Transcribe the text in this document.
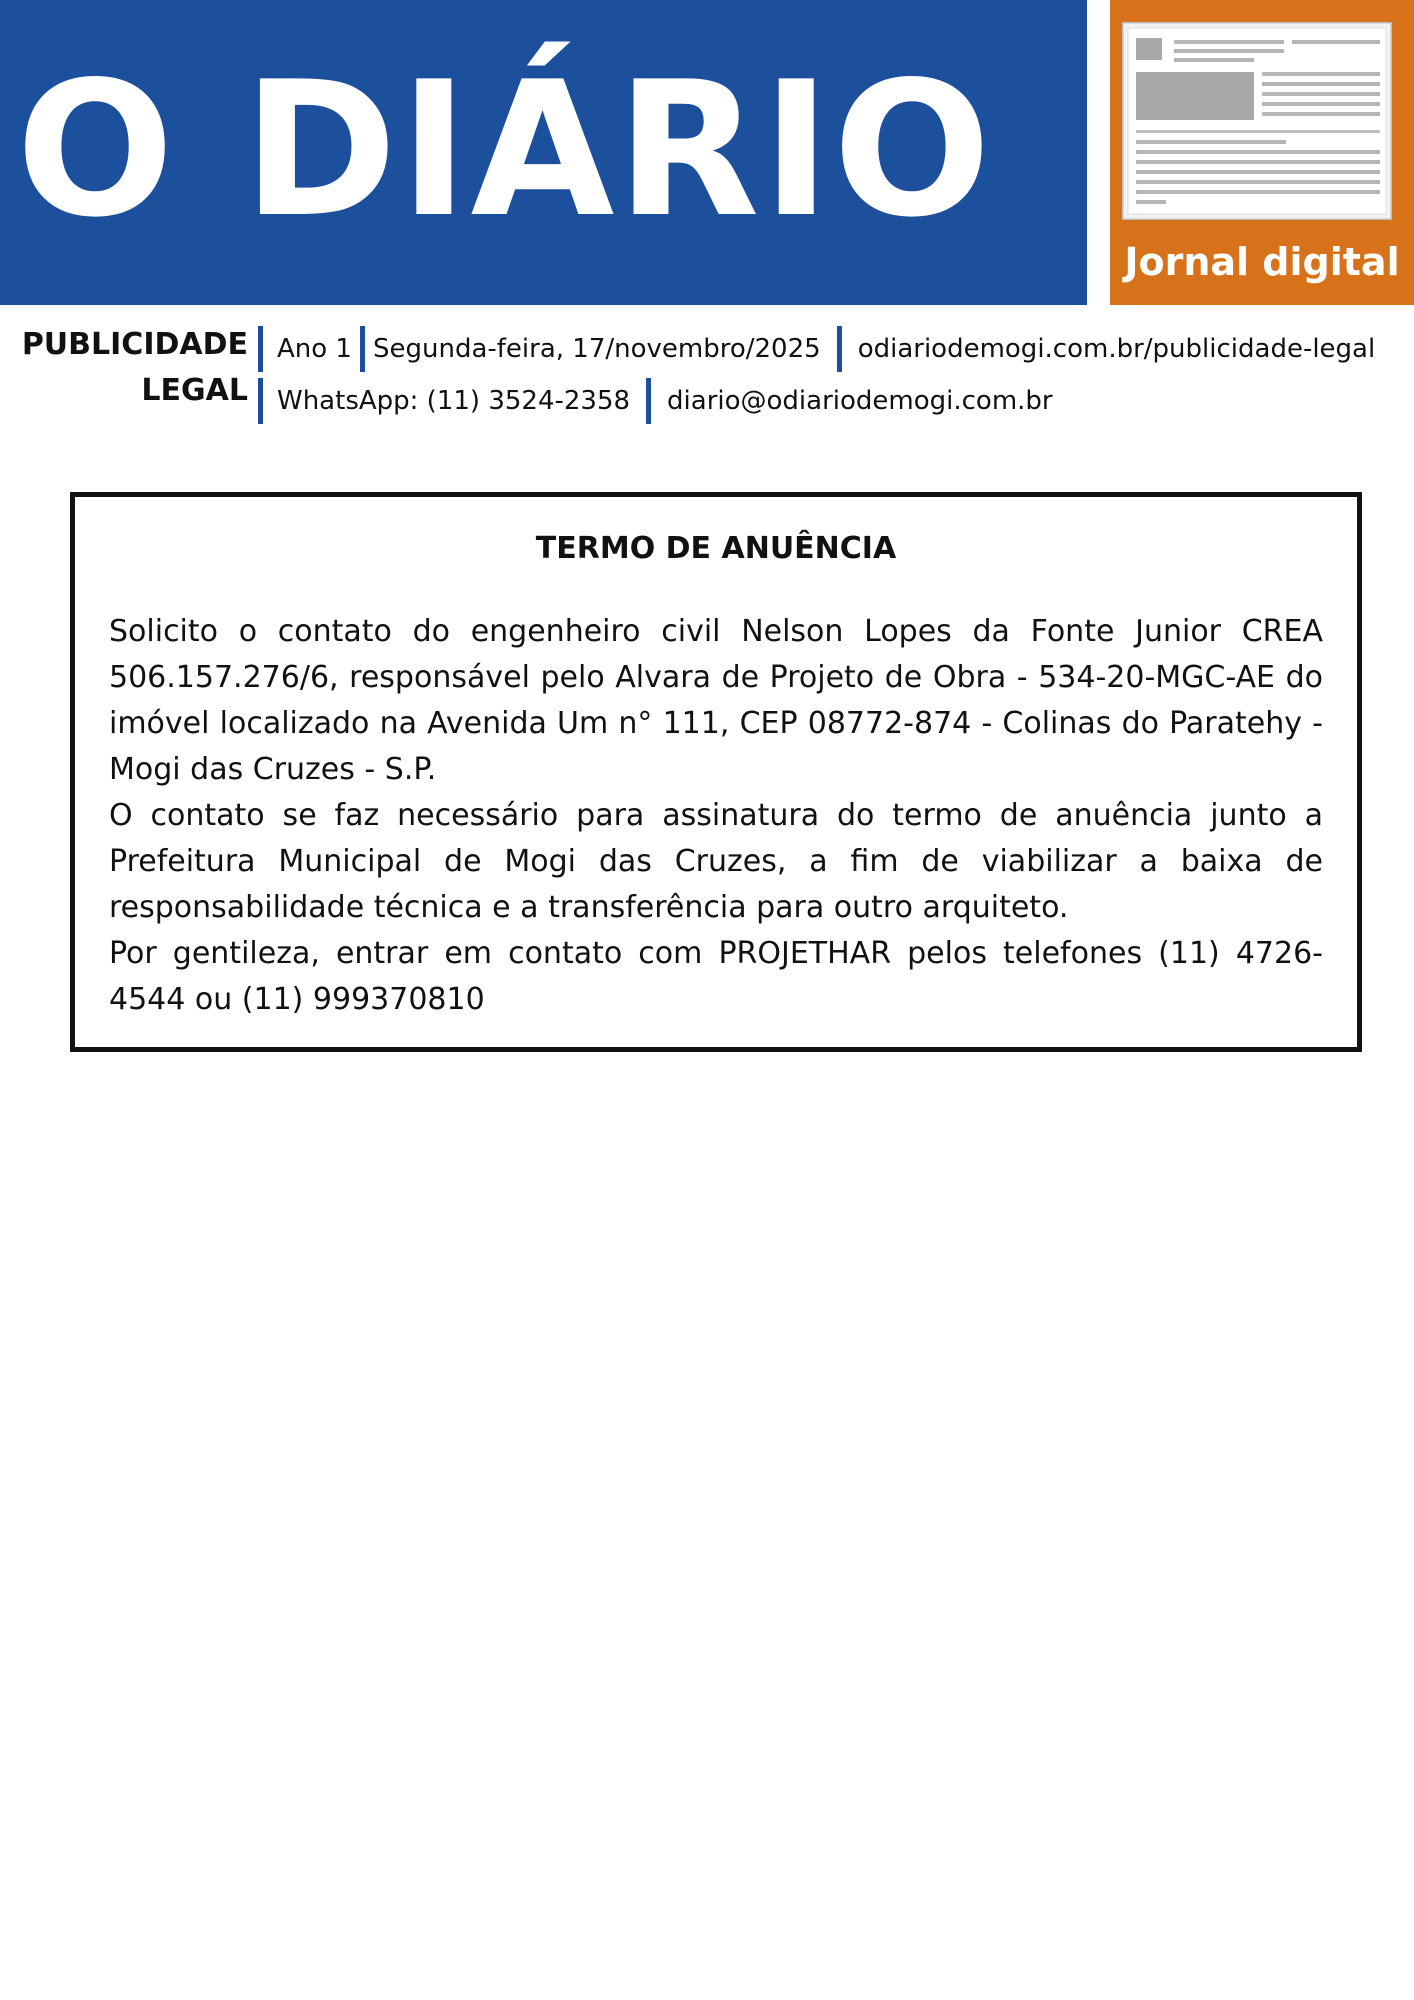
O DIÁRIO
Jornal digital
PUBLICIDADE
LEGAL
Ano 1 Segunda-feira, 17/novembro/2025 odiariodemogi.com.br/publicidade-legal
WhatsApp: (11) 3524-2358 diario@odiariodemogi.com.br
TERMO DE ANUÊNCIA

Solicito o contato do engenheiro civil Nelson Lopes da Fonte Junior CREA 506.157.276/6, responsável pelo Alvara de Projeto de Obra - 534-20-MGC-AE do imóvel localizado na Avenida Um n° 111, CEP 08772-874 - Colinas do Paratehy - Mogi das Cruzes - S.P.

O contato se faz necessário para assinatura do termo de anuência junto a Prefeitura Municipal de Mogi das Cruzes, a fim de viabilizar a baixa de responsabilidade técnica e a transferência para outro arquiteto.

Por gentileza, entrar em contato com PROJETHAR pelos telefones (11) 4726-4544 ou (11) 999370810
